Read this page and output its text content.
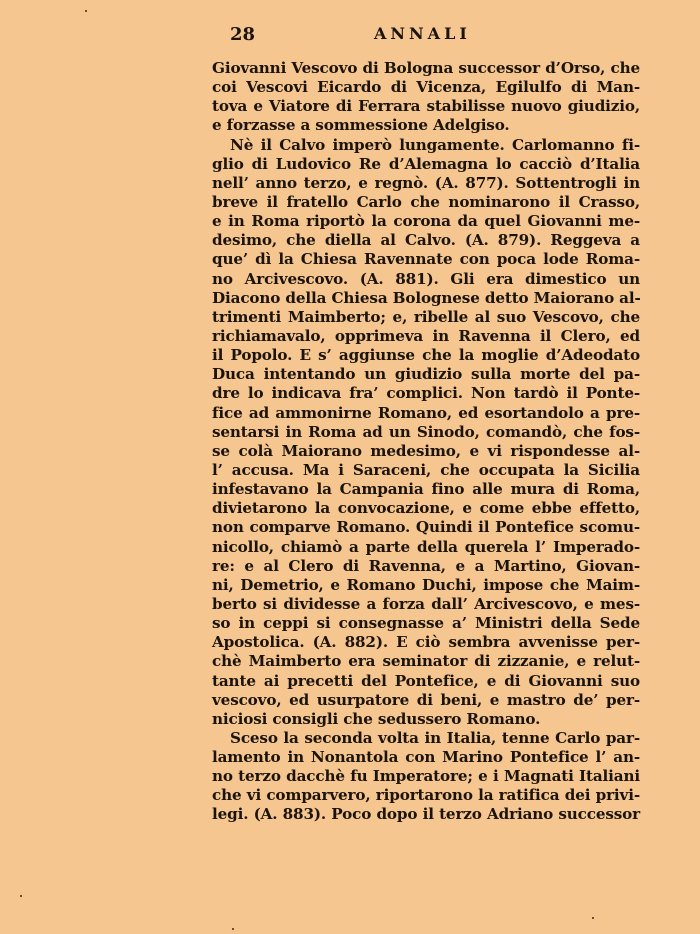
28	ANNALI
Giovanni Vescovo di Bologna successor d’Orso, che
coi Vescovi Eicardo di Vicenza, Egilulfo di Man-
tova e Viatore di Ferrara stabilisse nuovo giudizio,
e forzasse a sommessione Adelgiso.
Nè il Calvo imperò lungamente. Carlomanno fi-
glio di Ludovico Re d’Alemagna lo cacciò d’Italia
nell’ anno terzo, e regnò. (A. 877). Sottentrogli in
breve il fratello Carlo che nominarono il Crasso,
e in Roma riportò la corona da quel Giovanni me-
desimo, che diella al Calvo. (A. 879). Reggeva a
que’ dì la Chiesa Ravennate con poca lode Roma-
no Arcivescovo. (A. 881). Gli era dimestico un
Diacono della Chiesa Bolognese detto Maiorano al-
trimenti Maimberto; e, ribelle al suo Vescovo, che
richiamavalo, opprimeva in Ravenna il Clero, ed
il Popolo. E s’ aggiunse che la moglie d’Adeodato
Duca intentando un giudizio sulla morte del pa-
dre lo indicava fra’ complici. Non tardò il Ponte-
fice ad ammonirne Romano, ed esortandolo a pre-
sentarsi in Roma ad un Sinodo, comandò, che fos-
se colà Maiorano medesimo, e vi rispondesse al-
l’ accusa. Ma i Saraceni, che occupata la Sicilia
infestavano la Campania fino alle mura di Roma,
divietarono la convocazione, e come ebbe effetto,
non comparve Romano. Quindi il Pontefice scomu-
nicollo, chiamò a parte della querela l’ Imperado-
re: e al Clero di Ravenna, e a Martino, Giovan-
ni, Demetrio, e Romano Duchi, impose che Maim-
berto si dividesse a forza dall’ Arcivescovo, e mes-
so in ceppi si consegnasse a’ Ministri della Sede
Apostolica. (A. 882). E ciò sembra avvenisse per-
chè Maimberto era seminator di zizzanie, e relut-
tante ai precetti del Pontefice, e di Giovanni suo
vescovo, ed usurpatore di beni, e mastro de’ per-
niciosi consigli che sedussero Romano.
Sceso la seconda volta in Italia, tenne Carlo par-
lamento in Nonantola con Marino Pontefice l’ an-
no terzo dacchè fu Imperatore; e i Magnati Italiani
che vi comparvero, riportarono la ratifica dei privi-
legi. (A. 883). Poco dopo il terzo Adriano successor
